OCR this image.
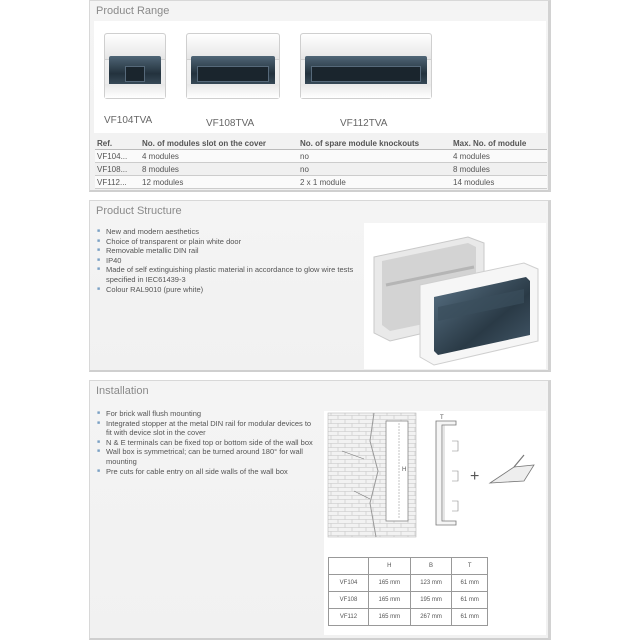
Product Range
VF104TVA	VF108TVA	VF112TVA
Ref.	No. of modules slot on the cover	No. of spare module knockouts	Max. No. of module
VF104...	4 modules	no	4 modules
VF108...	8 modules	no	8 modules
VF112...	12 modules	2 x 1 module	14 modules
Product Structure
■ New and modern aesthetics
■ Choice of transparent or plain white door
■ Removable metallic DIN rail
■ IP40
■ Made of self extinguishing plastic material in accordance to glow wire tests specified in IEC61439-3
■ Colour RAL9010 (pure white)
Installation
■ For brick wall flush mounting
■ Integrated stopper at the metal DIN rail for modular devices to fit with device slot in the cover
■ N & E terminals can be fixed top or bottom side of the wall box
■ Wall box is symmetrical; can be turned around 180° for wall mounting
■ Pre cuts for cable entry on all side walls of the wall box	H
T
+
	H	B	T
VF104	165 mm	123 mm	61 mm
VF108	165 mm	195 mm	61 mm
VF112	165 mm	267 mm	61 mm
